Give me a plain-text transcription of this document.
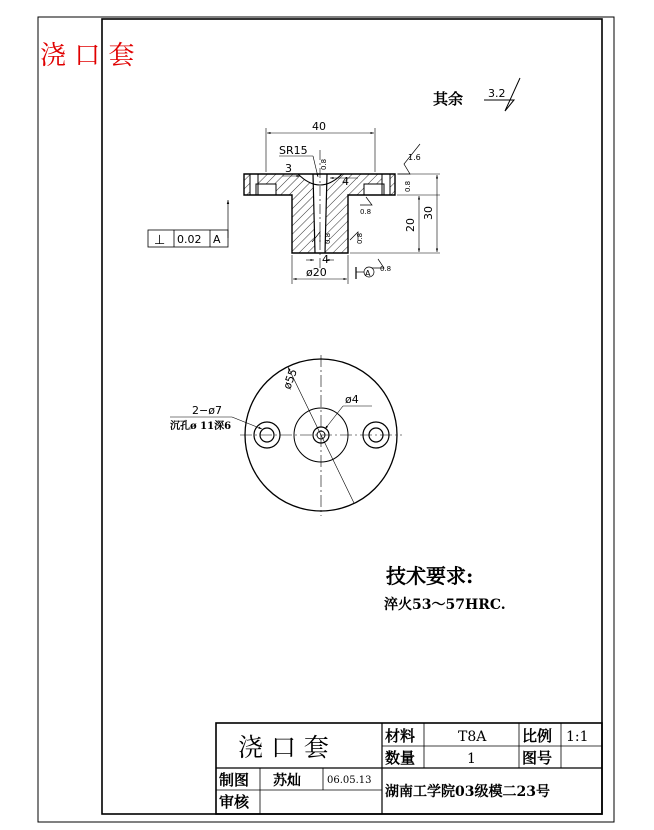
浇 口 套
其余 3.2
40
SR15
3
4
20
30
4
ø20
1.6
0.8
0.8
0.8
0.8
0.8
A 0.8
⊥ 0.02 A
ø55
ø4
2−ø7
沉孔ø 11深6
技术要求:
淬火53～57HRC.
浇 口 套	材料	T8A 比例 1:1
数量	1	图号
制图 苏灿	06.05.13
审核
湖南工学院03级模二23号
